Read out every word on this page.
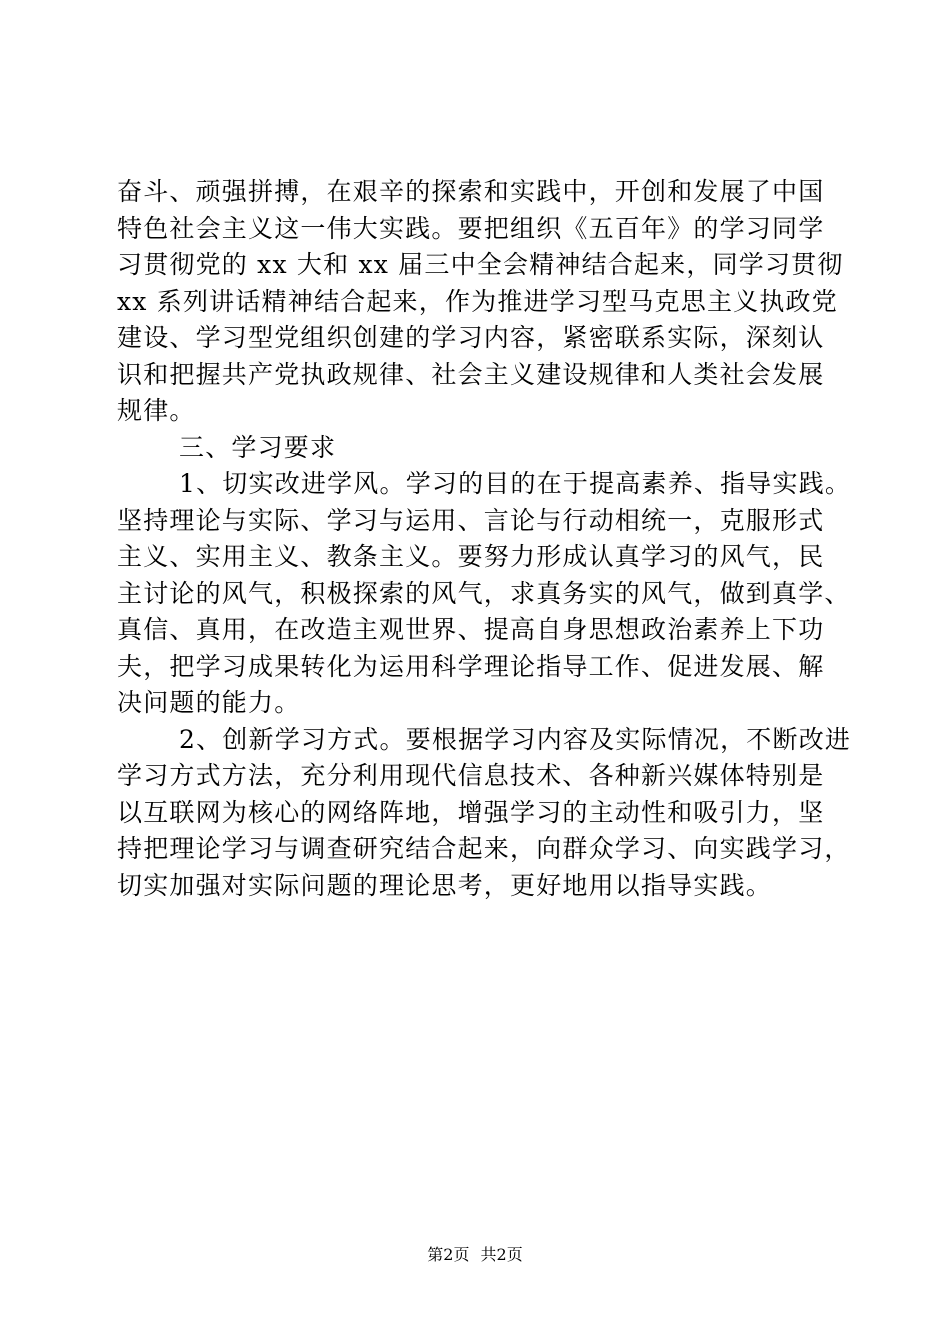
奋斗、顽强拼搏，在艰辛的探索和实践中，开创和发展了中国
特色社会主义这一伟大实践。要把组织《五百年》的学习同学
习贯彻党的 xx 大和 xx 届三中全会精神结合起来，同学习贯彻
xx 系列讲话精神结合起来，作为推进学习型马克思主义执政党
建设、学习型党组织创建的学习内容，紧密联系实际，深刻认
识和把握共产党执政规律、社会主义建设规律和人类社会发展
规律。
三、学习要求
1、切实改进学风。学习的目的在于提高素养、指导实践。
坚持理论与实际、学习与运用、言论与行动相统一，克服形式
主义、实用主义、教条主义。要努力形成认真学习的风气，民
主讨论的风气，积极探索的风气，求真务实的风气，做到真学、
真信、真用，在改造主观世界、提高自身思想政治素养上下功
夫，把学习成果转化为运用科学理论指导工作、促进发展、解
决问题的能力。
2、创新学习方式。要根据学习内容及实际情况，不断改进
学习方式方法，充分利用现代信息技术、各种新兴媒体特别是
以互联网为核心的网络阵地，增强学习的主动性和吸引力，坚
持把理论学习与调查研究结合起来，向群众学习、向实践学习，
切实加强对实际问题的理论思考，更好地用以指导实践。
第2页 共2页
